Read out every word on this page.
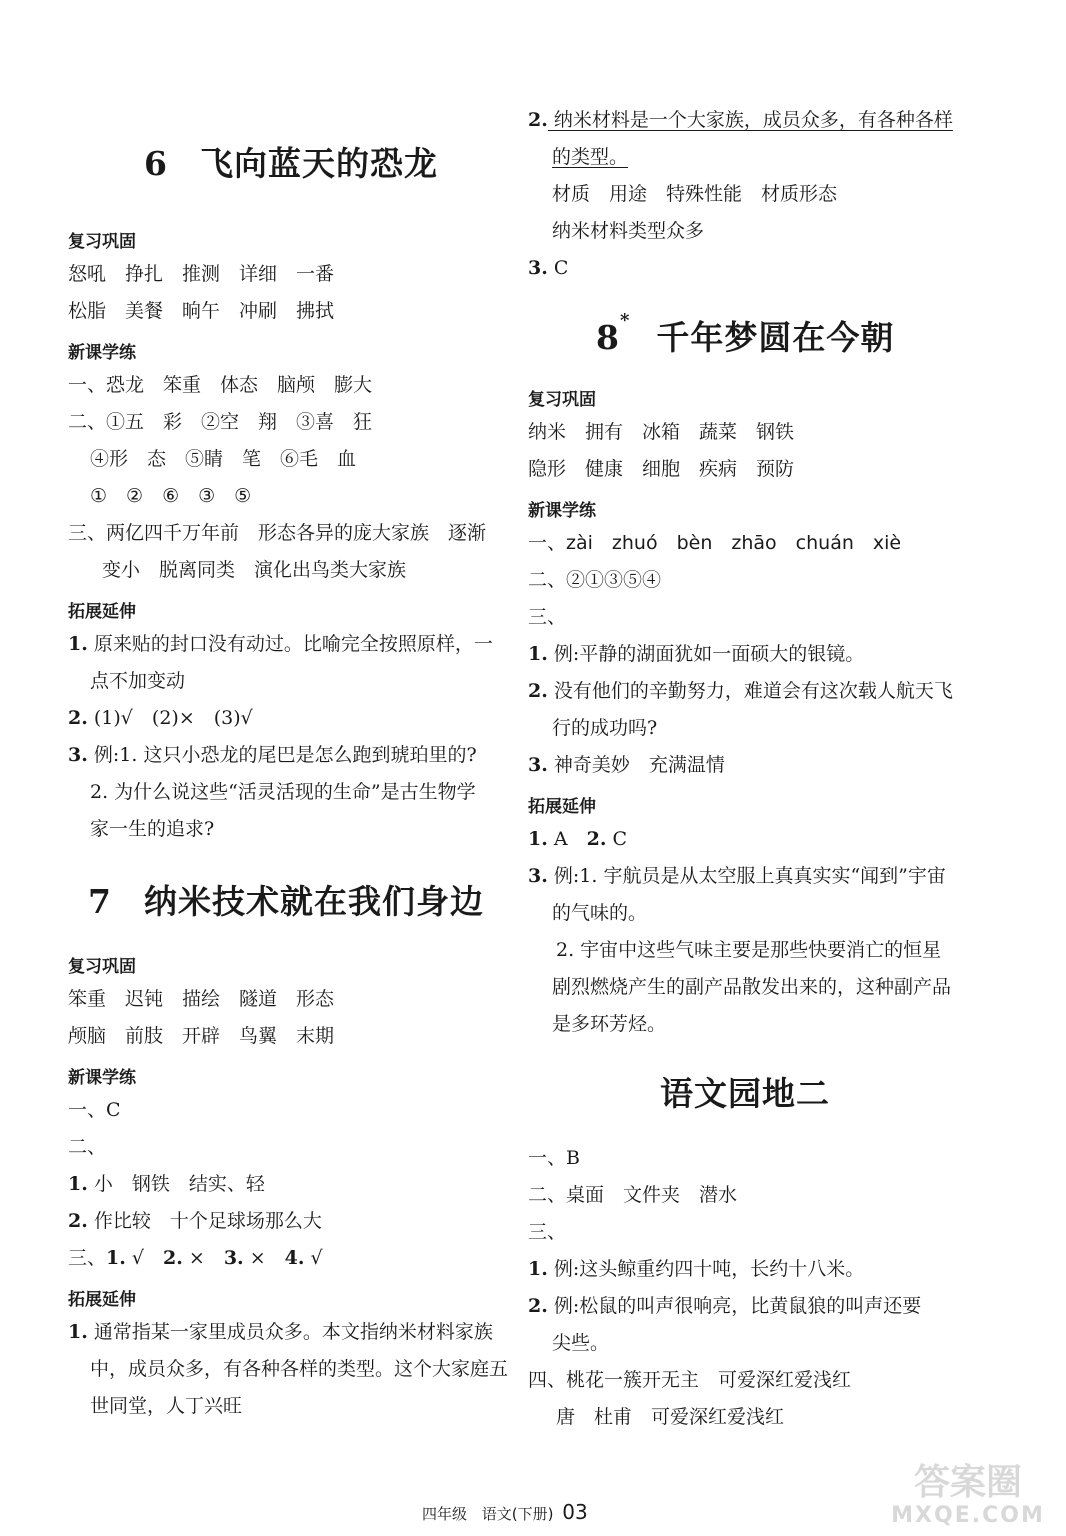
6 飞向蓝天的恐龙
复习巩固
怒吼　挣扎　推测　详细　一番
松脂　美餐　晌午　冲刷　拂拭
新课学练
一、恐龙　笨重　体态　脑颅　膨大
二、①五　彩　②空　翔　③喜　狂
④形　态　⑤睛　笔　⑥毛　血
①　②　⑥　③　⑤
三、两亿四千万年前　形态各异的庞大家族　逐渐
变小　脱离同类　演化出鸟类大家族
拓展延伸
1. 原来贴的封口没有动过。比喻完全按照原样，一
点不加变动
2. (1)√　(2)×　(3)√
3. 例:1. 这只小恐龙的尾巴是怎么跑到琥珀里的?
2. 为什么说这些“活灵活现的生命”是古生物学
家一生的追求?
7 纳米技术就在我们身边
复习巩固
笨重　迟钝　描绘　隧道　形态
颅脑　前肢　开辟　鸟翼　末期
新课学练
一、C
二、
1. 小　钢铁　结实、轻
2. 作比较　十个足球场那么大
三、1. √　2. ×　3. ×　4. √
拓展延伸
1. 通常指某一家里成员众多。本文指纳米材料家族
中，成员众多，有各种各样的类型。这个大家庭五
世同堂，人丁兴旺
2. 纳米材料是一个大家族，成员众多，有各种各样
的类型。
材质　用途　特殊性能　材质形态
纳米材料类型众多
3. C
8* 千年梦圆在今朝
复习巩固
纳米　拥有　冰箱　蔬菜　钢铁
隐形　健康　细胞　疾病　预防
新课学练
一、zài　zhuó　bèn　zhāo　chuán　xiè
二、②①③⑤④
三、
1. 例:平静的湖面犹如一面硕大的银镜。
2. 没有他们的辛勤努力，难道会有这次载人航天飞
行的成功吗?
3. 神奇美妙　充满温情
拓展延伸
1. A　2. C
3. 例:1. 宇航员是从太空服上真真实实“闻到”宇宙
的气味的。
2. 宇宙中这些气味主要是那些快要消亡的恒星
剧烈燃烧产生的副产品散发出来的，这种副产品
是多环芳烃。
语文园地二
一、B
二、桌面　文件夹　潜水
三、
1. 例:这头鲸重约四十吨，长约十八米。
2. 例:松鼠的叫声很响亮，比黄鼠狼的叫声还要
尖些。
四、桃花一簇开无主　可爱深红爱浅红
唐　杜甫　可爱深红爱浅红
四年级 语文(下册) 03
答案圈
MXQE.COM
